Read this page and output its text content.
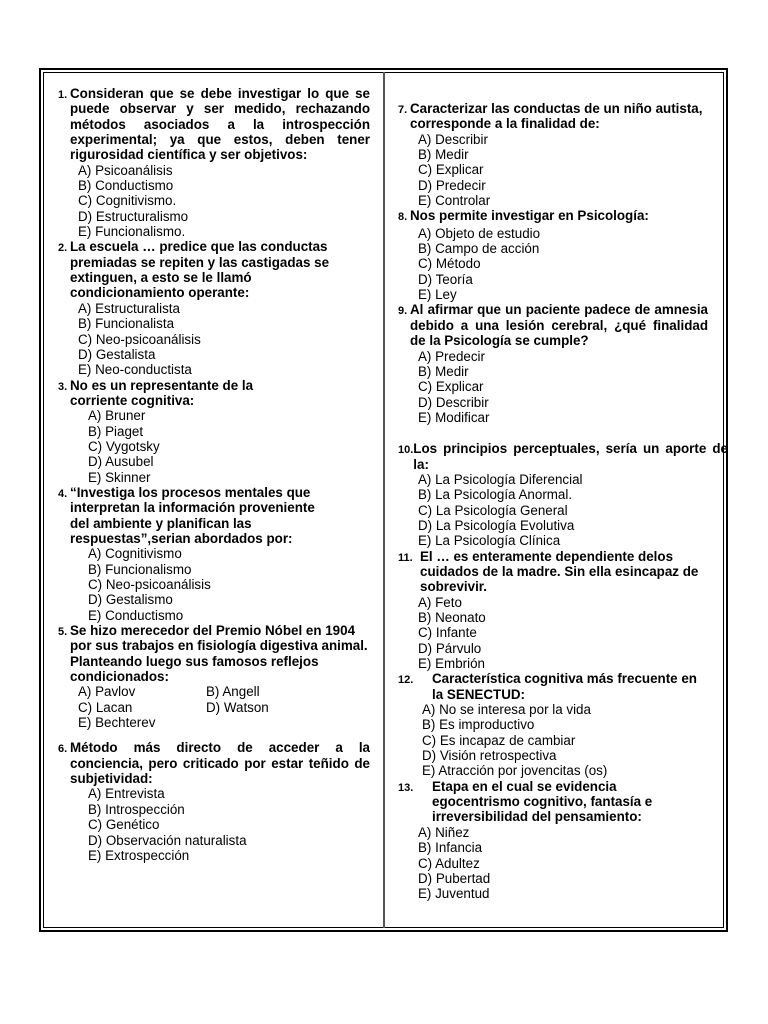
1. Consideran que se debe investigar lo que se puede observar y ser medido, rechazando métodos asociados a la introspección experimental; ya que estos, deben tener rigurosidad científica y ser objetivos:
A) Psicoanálisis
B) Conductismo
C) Cognitivismo.
D) Estructuralismo
E) Funcionalismo.
2. La escuela … predice que las conductas premiadas se repiten y las castigadas se extinguen, a esto se le llamó condicionamiento operante:
A) Estructuralista
B) Funcionalista
C) Neo-psicoanálisis
D) Gestalista
E) Neo-conductista
3. No es un representante de la corriente cognitiva:
A) Bruner
B) Piaget
C) Vygotsky
D) Ausubel
E) Skinner
4. “Investiga los procesos mentales que interpretan la información proveniente del ambiente y planifican las respuestas”,serian abordados por:
A) Cognitivismo
B) Funcionalismo
C) Neo-psicoanálisis
D) Gestalismo
E) Conductismo
5. Se hizo merecedor del Premio Nóbel en 1904 por sus trabajos en fisiología digestiva animal. Planteando luego sus famosos reflejos condicionados:
A) Pavlov	B) Angell
C) Lacan	D) Watson
E) Bechterev
6. Método más directo de acceder a la conciencia, pero criticado por estar teñido de subjetividad:
A) Entrevista
B) Introspección
C) Genético
D) Observación naturalista
E) Extrospección
7. Caracterizar las conductas de un niño autista, corresponde a la finalidad de:
A) Describir
B) Medir
C) Explicar
D) Predecir
E) Controlar
8. Nos permite investigar en Psicología:
A) Objeto de estudio
B) Campo de acción
C) Método
D) Teoría
E) Ley
9. Al afirmar que un paciente padece de amnesia debido a una lesión cerebral, ¿qué finalidad de la Psicología se cumple?
A) Predecir
B) Medir
C) Explicar
D) Describir
E) Modificar
10. Los principios perceptuales, sería un aporte de la:
A) La Psicología Diferencial
B) La Psicología Anormal.
C) La Psicología General
D) La Psicología Evolutiva
E) La Psicología Clínica
11. El … es enteramente dependiente delos cuidados de la madre. Sin ella esincapaz de sobrevivir.
A) Feto
B) Neonato
C) Infante
D) Párvulo
E) Embrión
12.	Característica cognitiva más frecuente en la SENECTUD:
A) No se interesa por la vida
B) Es improductivo
C) Es incapaz de cambiar
D) Visión retrospectiva
E) Atracción por jovencitas (os)
13.	Etapa en el cual se evidencia egocentrismo cognitivo, fantasía e irreversibilidad del pensamiento:
A) Niñez
B) Infancia
C) Adultez
D) Pubertad
E) Juventud
